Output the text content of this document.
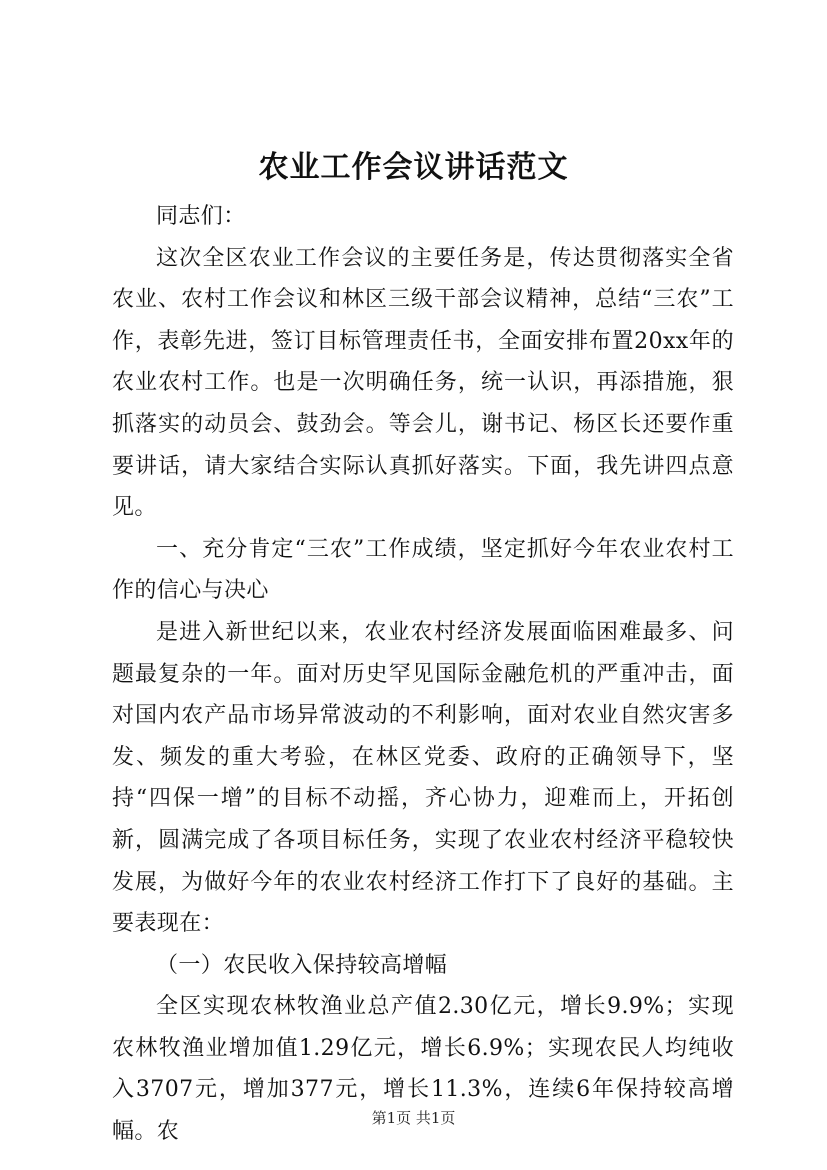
农业工作会议讲话范文

同志们：

这次全区农业工作会议的主要任务是，传达贯彻落实全省农业、农村工作会议和林区三级干部会议精神，总结“三农”工作，表彰先进，签订目标管理责任书，全面安排布置20xx年的农业农村工作。也是一次明确任务，统一认识，再添措施，狠抓落实的动员会、鼓劲会。等会儿，谢书记、杨区长还要作重要讲话，请大家结合实际认真抓好落实。下面，我先讲四点意见。

一、充分肯定“三农”工作成绩，坚定抓好今年农业农村工作的信心与决心

是进入新世纪以来，农业农村经济发展面临困难最多、问题最复杂的一年。面对历史罕见国际金融危机的严重冲击，面对国内农产品市场异常波动的不利影响，面对农业自然灾害多发、频发的重大考验，在林区党委、政府的正确领导下，坚持“四保一增”的目标不动摇，齐心协力，迎难而上，开拓创新，圆满完成了各项目标任务，实现了农业农村经济平稳较快发展，为做好今年的农业农村经济工作打下了良好的基础。主要表现在：

（一）农民收入保持较高增幅

全区实现农林牧渔业总产值2.30亿元，增长9.9%；实现农林牧渔业增加值1.29亿元，增长6.9%；实现农民人均纯收入3707元，增加377元，增长11.3%，连续6年保持较高增幅。农

第1页 共1页
